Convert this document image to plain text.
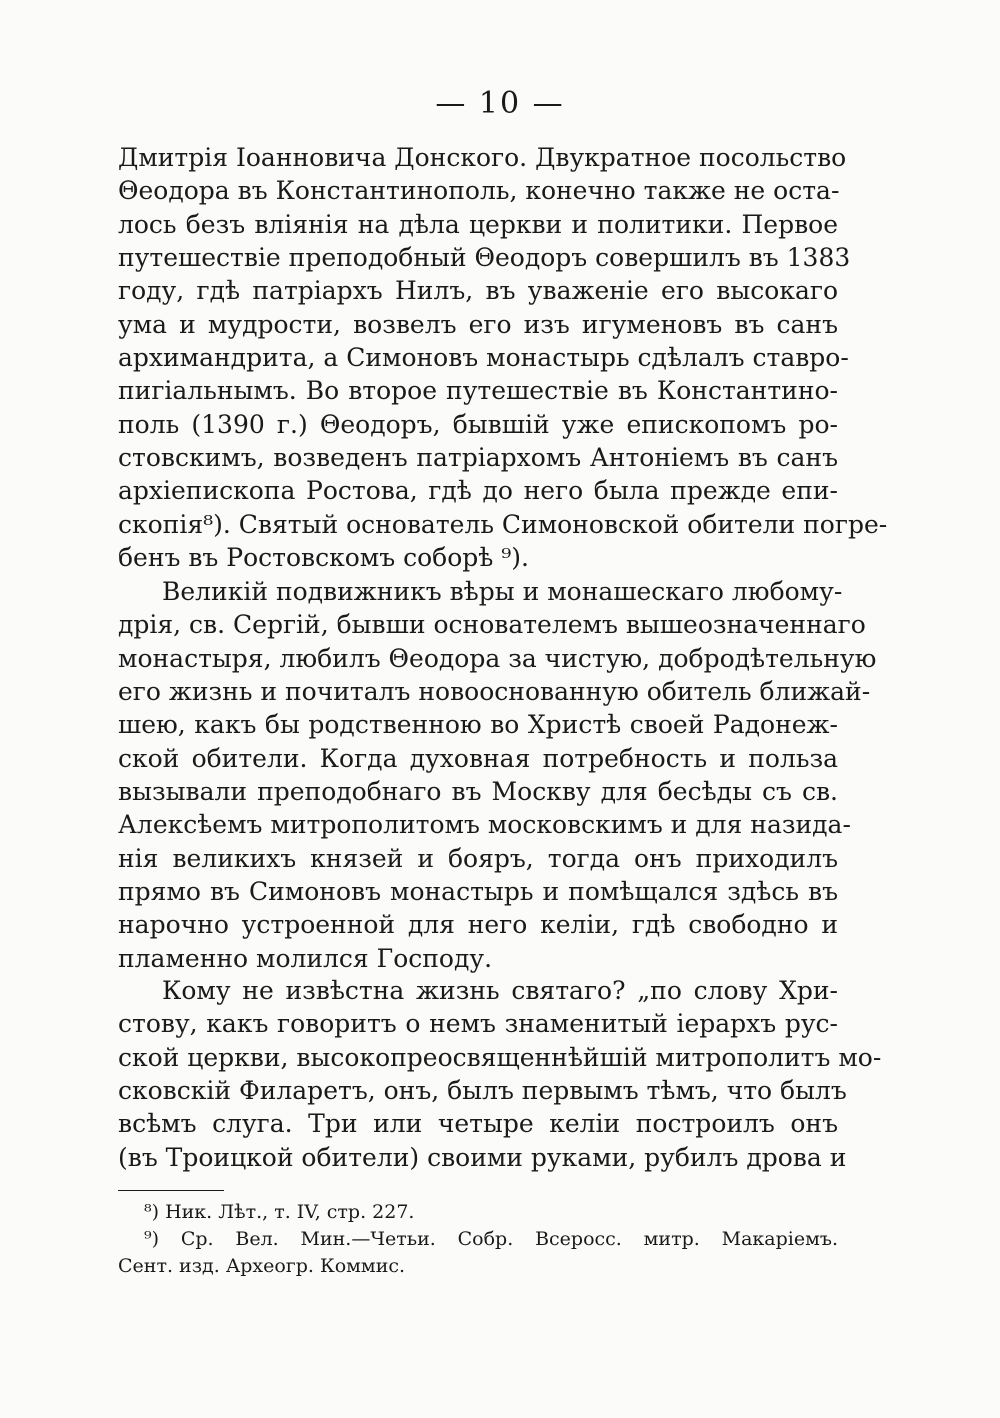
— 10 —
Дмитрія Іоанновича Донского. Двукратное посольство
Θеодора въ Константинополь, конечно также не оста-
лось безъ вліянія на дѣла церкви и политики. Первое
путешествіе преподобный Θеодоръ совершилъ въ 1383
году, гдѣ патріархъ Нилъ, въ уваженіе его высокаго
ума и мудрости, возвелъ его изъ игуменовъ въ санъ
архимандрита, а Симоновъ монастырь сдѣлалъ ставро-
пигіальнымъ. Во второе путешествіе въ Константино-
поль (1390 г.) Θеодоръ, бывшій уже епископомъ ро-
стовскимъ, возведенъ патріархомъ Антоніемъ въ санъ
архіепископа Ростова, гдѣ до него была прежде епи-
скопія⁸). Святый основатель Симоновской обители погре-
бенъ въ Ростовскомъ соборѣ ⁹).
Великій подвижникъ вѣры и монашескаго любому-
дрія, св. Сергій, бывши основателемъ вышеозначеннаго
монастыря, любилъ Θеодора за чистую, добродѣтельную
его жизнь и почиталъ новооснованную обитель ближай-
шею, какъ бы родственною во Христѣ своей Радонеж-
ской обители. Когда духовная потребность и польза
вызывали преподобнаго въ Москву для бесѣды съ св.
Алексѣемъ митрополитомъ московскимъ и для назида-
нія великихъ князей и бояръ, тогда онъ приходилъ
прямо въ Симоновъ монастырь и помѣщался здѣсь въ
нарочно устроенной для него келіи, гдѣ свободно и
пламенно молился Господу.
Кому не извѣстна жизнь святаго? „по слову Хри-
стову, какъ говоритъ о немъ знаменитый іерархъ рус-
ской церкви, высокопреосвященнѣйшій митрополитъ мо-
сковскій Филаретъ, онъ, былъ первымъ тѣмъ, что былъ
всѣмъ слуга. Три или четыре келіи построилъ онъ
(въ Троицкой обители) своими руками, рубилъ дрова и
⁸) Ник. Лѣт., т. IV, стр. 227.
⁹) Ср. Вел. Мин.—Четьи. Собр. Всеросс. митр. Макаріемъ.
Сент. изд. Археогр. Коммис.
